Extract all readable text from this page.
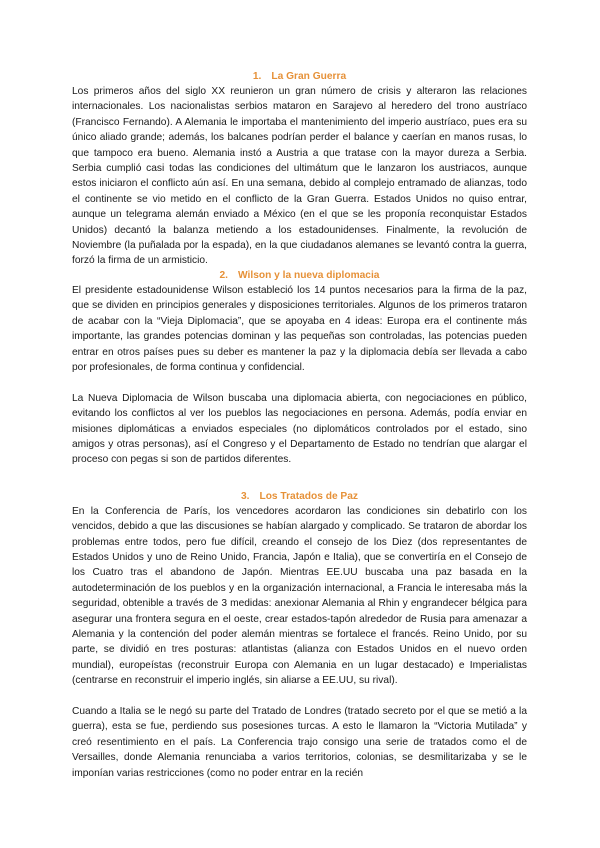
1. La Gran Guerra

Los primeros años del siglo XX reunieron un gran número de crisis y alteraron las relaciones internacionales. Los nacionalistas serbios mataron en Sarajevo al heredero del trono austríaco (Francisco Fernando). A Alemania le importaba el mantenimiento del imperio austríaco, pues era su único aliado grande; además, los balcanes podrían perder el balance y caerían en manos rusas, lo que tampoco era bueno. Alemania instó a Austria a que tratase con la mayor dureza a Serbia. Serbia cumplió casi todas las condiciones del ultimátum que le lanzaron los austriacos, aunque estos iniciaron el conflicto aún así. En una semana, debido al complejo entramado de alianzas, todo el continente se vio metido en el conflicto de la Gran Guerra. Estados Unidos no quiso entrar, aunque un telegrama alemán enviado a México (en el que se les proponía reconquistar Estados Unidos) decantó la balanza metiendo a los estadounidenses. Finalmente, la revolución de Noviembre (la puñalada por la espada), en la que ciudadanos alemanes se levantó contra la guerra, forzó la firma de un armisticio.

2. Wilson y la nueva diplomacia

El presidente estadounidense Wilson estableció los 14 puntos necesarios para la firma de la paz, que se dividen en principios generales y disposiciones territoriales. Algunos de los primeros trataron de acabar con la “Vieja Diplomacia”, que se apoyaba en 4 ideas: Europa era el continente más importante, las grandes potencias dominan y las pequeñas son controladas, las potencias pueden entrar en otros países pues su deber es mantener la paz y la diplomacia debía ser llevada a cabo por profesionales, de forma continua y confidencial.

La Nueva Diplomacia de Wilson buscaba una diplomacia abierta, con negociaciones en público, evitando los conflictos al ver los pueblos las negociaciones en persona. Además, podía enviar en misiones diplomáticas a enviados especiales (no diplomáticos controlados por el estado, sino amigos y otras personas), así el Congreso y el Departamento de Estado no tendrían que alargar el proceso con pegas si son de partidos diferentes.

3. Los Tratados de Paz

En la Conferencia de París, los vencedores acordaron las condiciones sin debatirlo con los vencidos, debido a que las discusiones se habían alargado y complicado. Se trataron de abordar los problemas entre todos, pero fue difícil, creando el consejo de los Diez (dos representantes de Estados Unidos y uno de Reino Unido, Francia, Japón e Italia), que se convertiría en el Consejo de los Cuatro tras el abandono de Japón. Mientras EE.UU buscaba una paz basada en la autodeterminación de los pueblos y en la organización internacional, a Francia le interesaba más la seguridad, obtenible a través de 3 medidas: anexionar Alemania al Rhin y engrandecer bélgica para asegurar una frontera segura en el oeste, crear estados-tapón alrededor de Rusia para amenazar a Alemania y la contención del poder alemán mientras se fortalece el francés. Reino Unido, por su parte, se dividió en tres posturas: atlantistas (alianza con Estados Unidos en el nuevo orden mundial), europeístas (reconstruir Europa con Alemania en un lugar destacado) e Imperialistas (centrarse en reconstruir el imperio inglés, sin aliarse a EE.UU, su rival).

Cuando a Italia se le negó su parte del Tratado de Londres (tratado secreto por el que se metió a la guerra), esta se fue, perdiendo sus posesiones turcas. A esto le llamaron la “Victoria Mutilada” y creó resentimiento en el país. La Conferencia trajo consigo una serie de tratados como el de Versailles, donde Alemania renunciaba a varios territorios, colonias, se desmilitarizaba y se le imponían varias restricciones (como no poder entrar en la recién
